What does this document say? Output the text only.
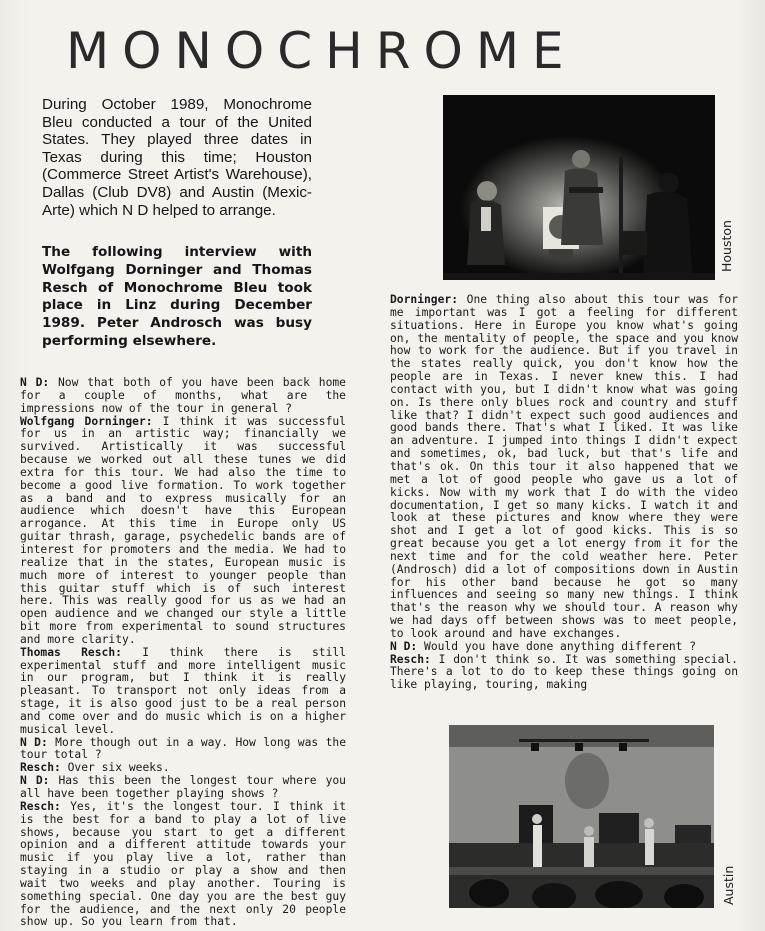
MONOCHROME

During October 1989, Monochrome Bleu conducted a tour of the United States. They played three dates in Texas during this time; Houston (Commerce Street Artist's Warehouse), Dallas (Club DV8) and Austin (Mexic-Arte) which N D helped to arrange.

The following interview with Wolfgang Dorninger and Thomas Resch of Monochrome Bleu took place in Linz during December 1989. Peter Androsch was busy performing elsewhere.

Houston

N D: Now that both of you have been back home for a couple of months, what are the impressions now of the tour in general ?

Wolfgang Dorninger: I think it was successful for us in an artistic way; financially we survived. Artistically it was successful because we worked out all these tunes we did extra for this tour. We had also the time to become a good live formation. To work together as a band and to express musically for an audience which doesn't have this European arrogance. At this time in Europe only US guitar thrash, garage, psychedelic bands are of interest for promoters and the media. We had to realize that in the states, European music is much more of interest to younger people than this guitar stuff which is of such interest here. This was really good for us as we had an open audience and we changed our style a little bit more from experimental to sound structures and more clarity.

Thomas Resch: I think there is still experimental stuff and more intelligent music in our program, but I think it is really pleasant. To transport not only ideas from a stage, it is also good just to be a real person and come over and do music which is on a higher musical level.

N D: More though out in a way. How long was the tour total ?

Resch: Over six weeks.

N D: Has this been the longest tour where you all have been together playing shows ?

Resch: Yes, it's the longest tour. I think it is the best for a band to play a lot of live shows, because you start to get a different opinion and a different attitude towards your music if you play live a lot, rather than staying in a studio or play a show and then wait two weeks and play another. Touring is something special. One day you are the best guy for the audience, and the next only 20 people show up. So you learn from that.

Dorninger: One thing also about this tour was for me important was I got a feeling for different situations. Here in Europe you know what's going on, the mentality of people, the space and you know how to work for the audience. But if you travel in the states really quick, you don't know how the people are in Texas. I never knew this. I had contact with you, but I didn't know what was going on. Is there only blues rock and country and stuff like that? I didn't expect such good audiences and good bands there. That's what I liked. It was like an adventure. I jumped into things I didn't expect and sometimes, ok, bad luck, but that's life and that's ok. On this tour it also happened that we met a lot of good people who gave us a lot of kicks. Now with my work that I do with the video documentation, I get so many kicks. I watch it and look at these pictures and know where they were shot and I get a lot of good kicks. This is so great because you get a lot energy from it for the next time and for the cold weather here. Peter (Androsch) did a lot of compositions down in Austin for his other band because he got so many influences and seeing so many new things. I think that's the reason why we should tour. A reason why we had days off between shows was to meet people, to look around and have exchanges.

N D: Would you have done anything different ?

Resch: I don't think so. It was something special. There's a lot to do to keep these things going on like playing, touring, making

Austin
